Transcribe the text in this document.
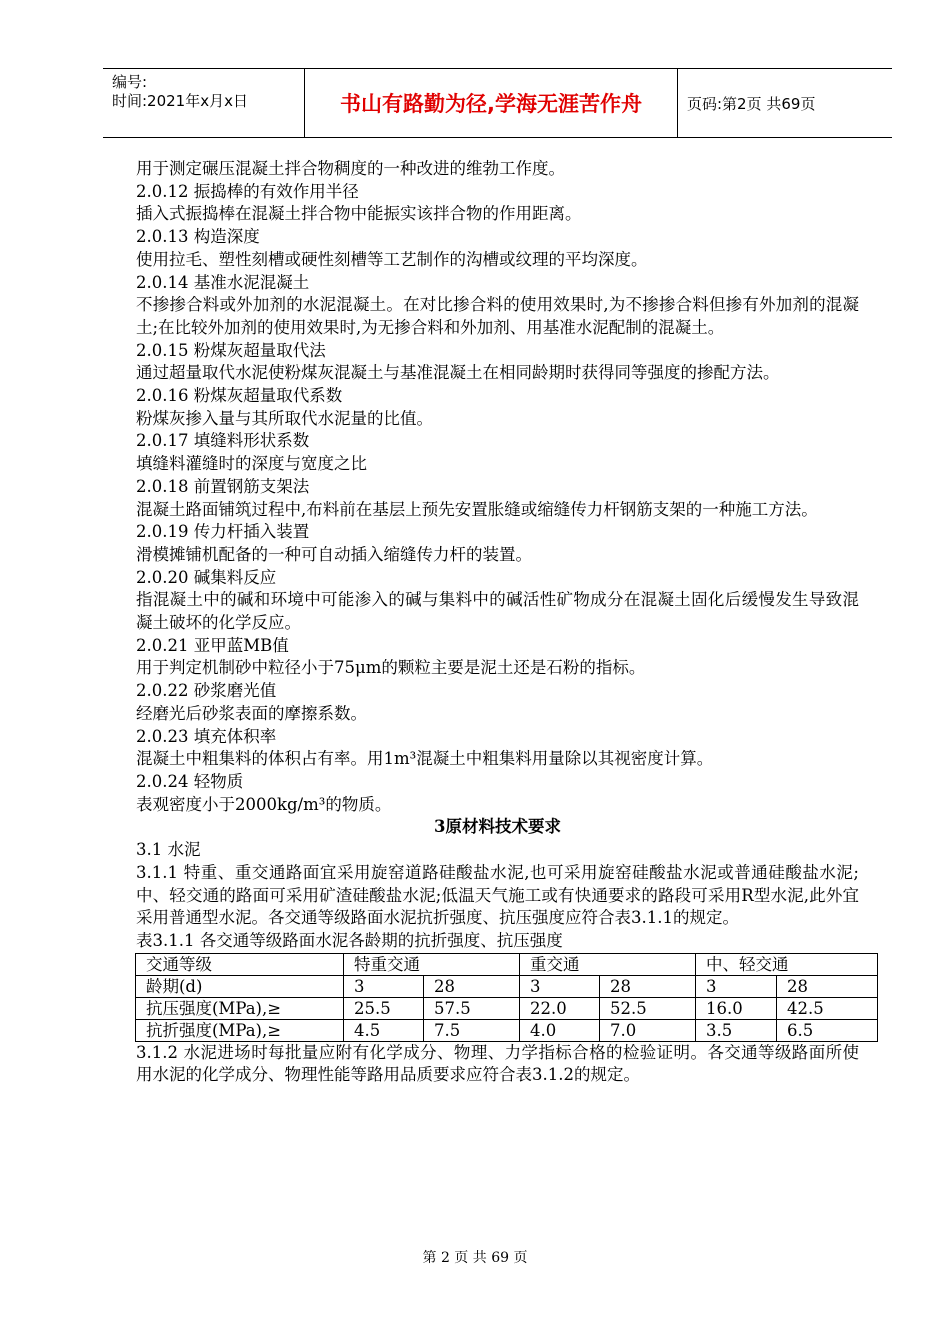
编号:
时间:2021年x月x日	书山有路勤为径,学海无涯苦作舟	页码:第2页 共69页

用于测定碾压混凝土拌合物稠度的一种改进的维勃工作度。

2.0.12 振捣棒的有效作用半径

插入式振捣棒在混凝土拌合物中能振实该拌合物的作用距离。

2.0.13 构造深度

使用拉毛、塑性刻槽或硬性刻槽等工艺制作的沟槽或纹理的平均深度。

2.0.14 基准水泥混凝土

不掺掺合料或外加剂的水泥混凝土。在对比掺合料的使用效果时,为不掺掺合料但掺有外加剂的混凝土;在比较外加剂的使用效果时,为无掺合料和外加剂、用基准水泥配制的混凝土。

2.0.15 粉煤灰超量取代法

通过超量取代水泥使粉煤灰混凝土与基准混凝土在相同龄期时获得同等强度的掺配方法。

2.0.16 粉煤灰超量取代系数

粉煤灰掺入量与其所取代水泥量的比值。

2.0.17 填缝料形状系数

填缝料灌缝时的深度与宽度之比

2.0.18 前置钢筋支架法

混凝土路面铺筑过程中,布料前在基层上预先安置胀缝或缩缝传力杆钢筋支架的一种施工方法。

2.0.19 传力杆插入装置

滑模摊铺机配备的一种可自动插入缩缝传力杆的装置。

2.0.20 碱集料反应

指混凝土中的碱和环境中可能渗入的碱与集料中的碱活性矿物成分在混凝土固化后缓慢发生导致混凝土破坏的化学反应。

2.0.21 亚甲蓝MB值

用于判定机制砂中粒径小于75μm的颗粒主要是泥土还是石粉的指标。

2.0.22 砂浆磨光值

经磨光后砂浆表面的摩擦系数。

2.0.23 填充体积率

混凝土中粗集料的体积占有率。用1m³混凝土中粗集料用量除以其视密度计算。

2.0.24 轻物质

表观密度小于2000kg/m³的物质。

3原材料技术要求

3.1 水泥

3.1.1 特重、重交通路面宜采用旋窑道路硅酸盐水泥,也可采用旋窑硅酸盐水泥或普通硅酸盐水泥;中、轻交通的路面可采用矿渣硅酸盐水泥;低温天气施工或有快通要求的路段可采用R型水泥,此外宜采用普通型水泥。各交通等级路面水泥抗折强度、抗压强度应符合表3.1.1的规定。

表3.1.1 各交通等级路面水泥各龄期的抗折强度、抗压强度

交通等级	特重交通		重交通		中、轻交通	
龄期(d)	3	28	3	28	3	28
抗压强度(MPa),≥	25.5	57.5	22.0	52.5	16.0	42.5
抗折强度(MPa),≥	4.5	7.5	4.0	7.0	3.5	6.5

3.1.2 水泥进场时每批量应附有化学成分、物理、力学指标合格的检验证明。各交通等级路面所使用水泥的化学成分、物理性能等路用品质要求应符合表3.1.2的规定。

第 2 页 共 69 页
